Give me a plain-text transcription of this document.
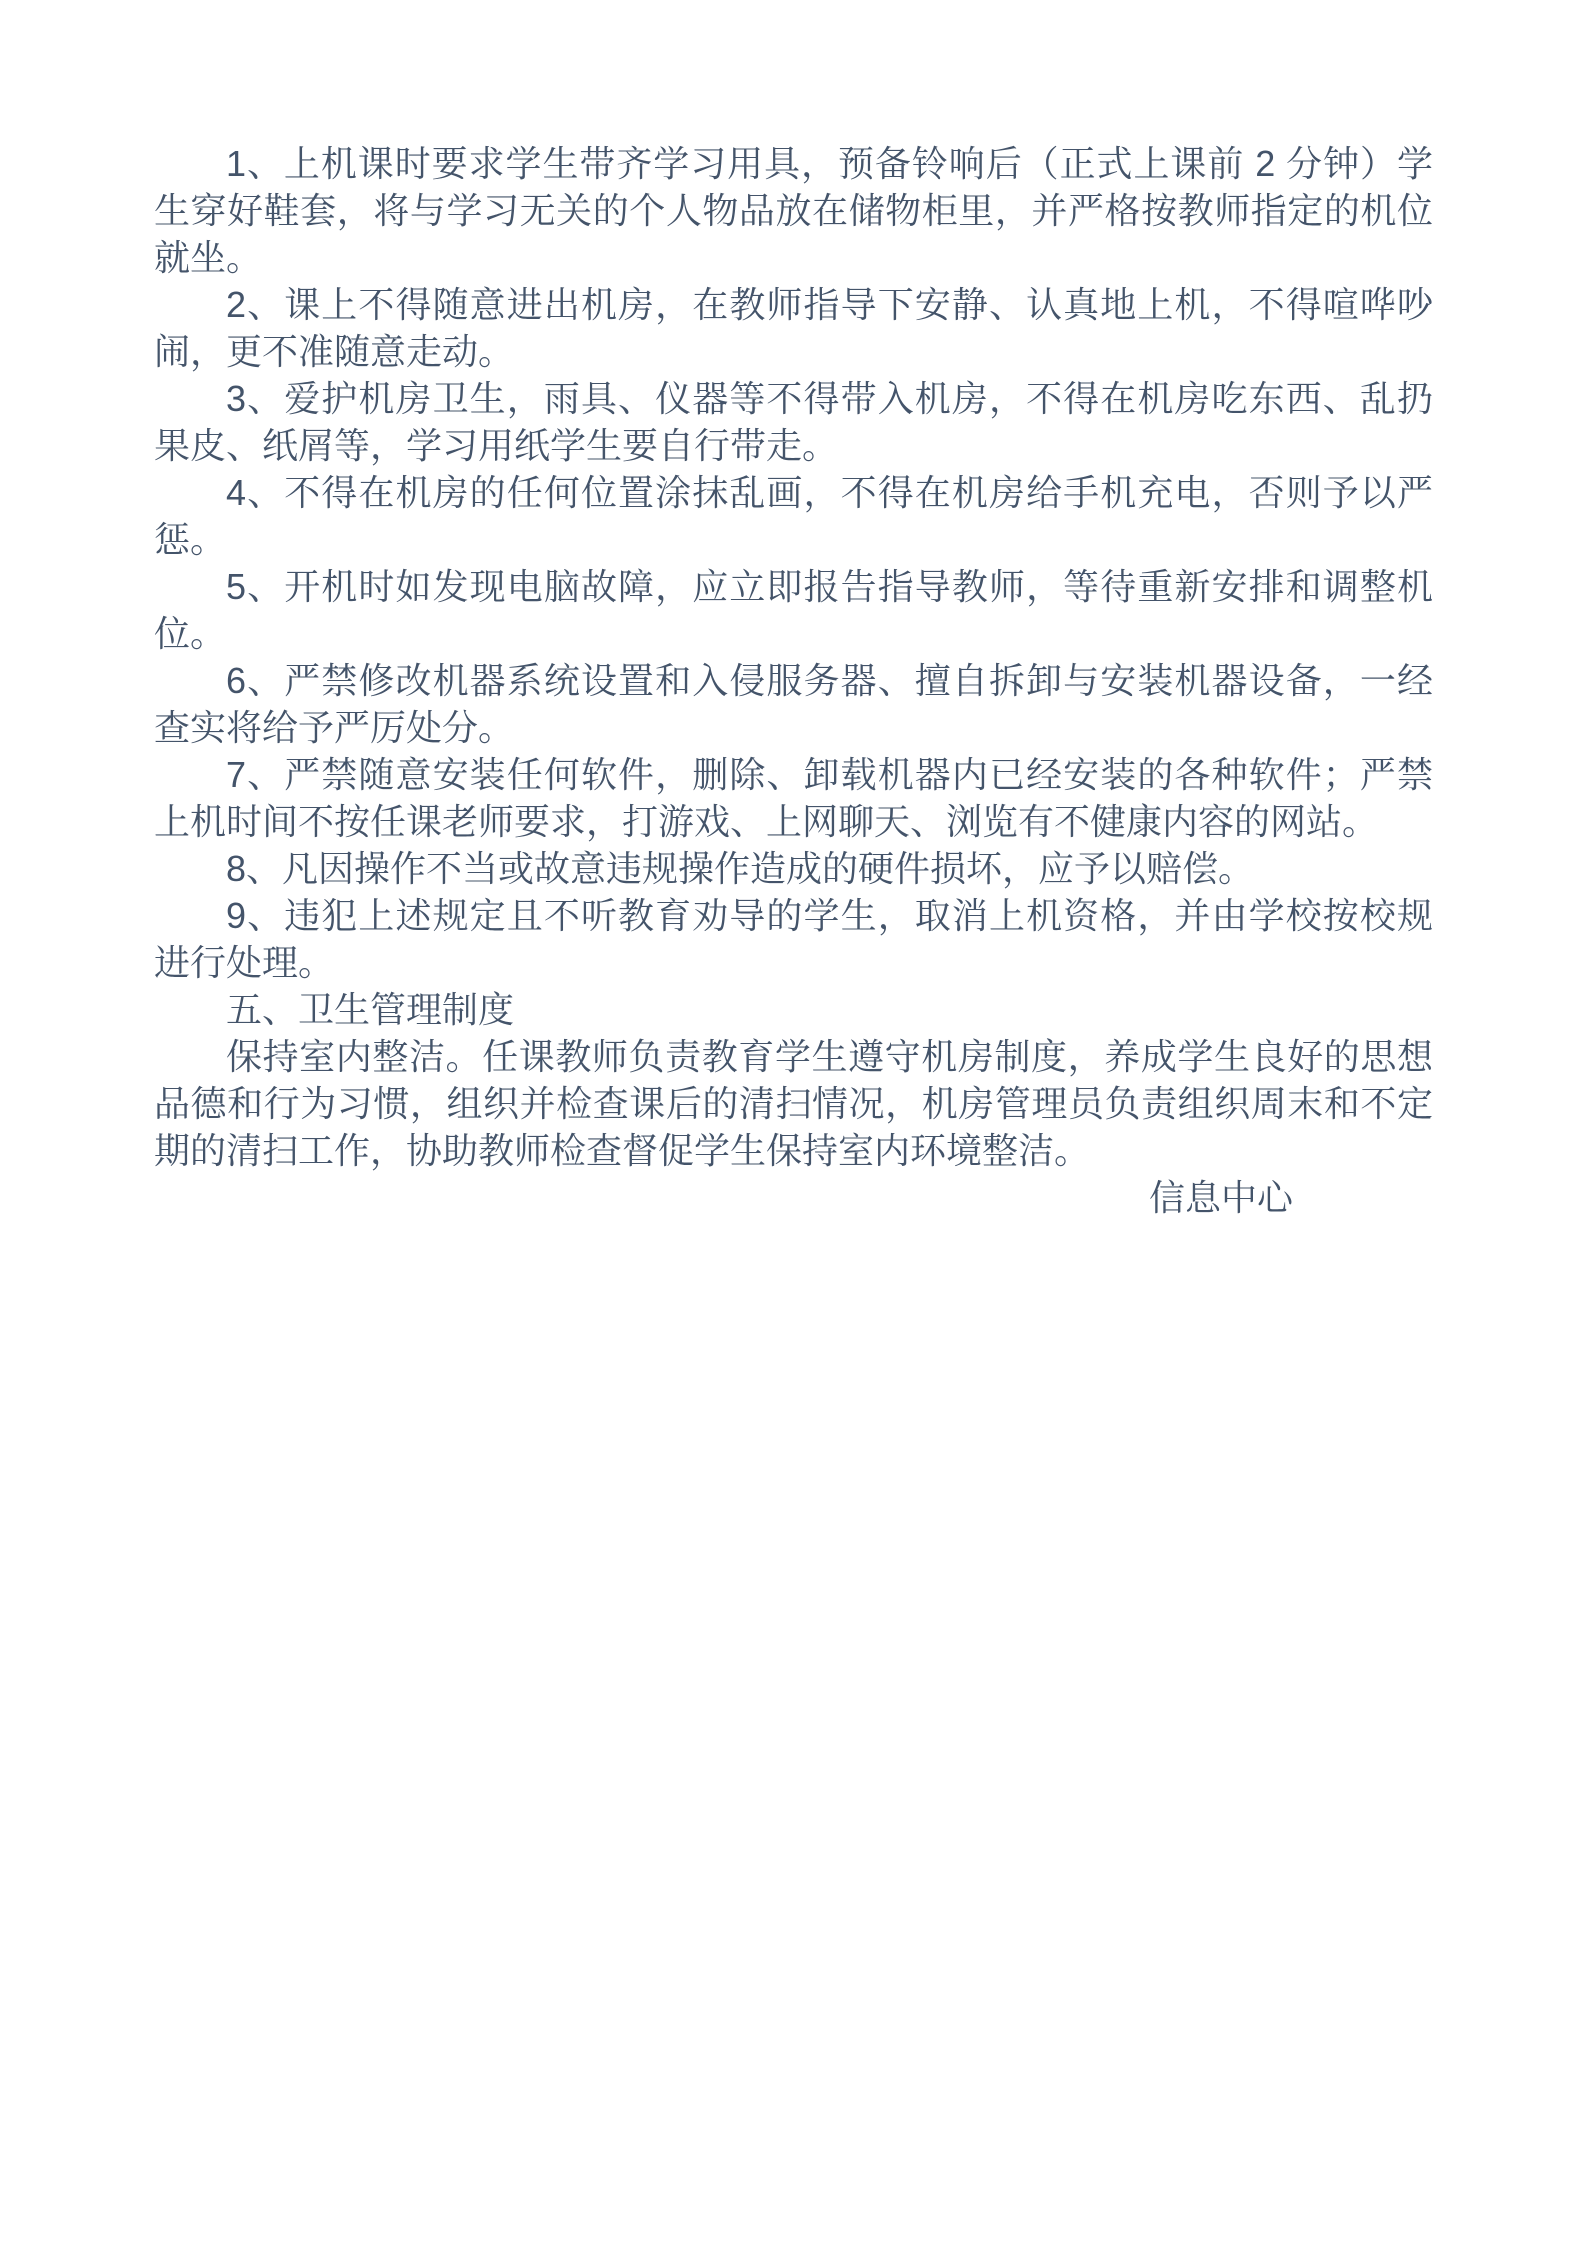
1、上机课时要求学生带齐学习用具，预备铃响后（正式上课前 2 分钟）学生穿好鞋套，将与学习无关的个人物品放在储物柜里，并严格按教师指定的机位就坐。

2、课上不得随意进出机房，在教师指导下安静、认真地上机，不得喧哗吵闹，更不准随意走动。

3、爱护机房卫生，雨具、仪器等不得带入机房，不得在机房吃东西、乱扔果皮、纸屑等，学习用纸学生要自行带走。

4、不得在机房的任何位置涂抹乱画，不得在机房给手机充电，否则予以严惩。

5、开机时如发现电脑故障，应立即报告指导教师，等待重新安排和调整机位。

6、严禁修改机器系统设置和入侵服务器、擅自拆卸与安装机器设备，一经查实将给予严厉处分。

7、严禁随意安装任何软件，删除、卸载机器内已经安装的各种软件；严禁上机时间不按任课老师要求，打游戏、上网聊天、浏览有不健康内容的网站。

8、凡因操作不当或故意违规操作造成的硬件损坏，应予以赔偿。

9、违犯上述规定且不听教育劝导的学生，取消上机资格，并由学校按校规进行处理。

五、卫生管理制度

保持室内整洁。任课教师负责教育学生遵守机房制度，养成学生良好的思想品德和行为习惯，组织并检查课后的清扫情况，机房管理员负责组织周末和不定期的清扫工作，协助教师检查督促学生保持室内环境整洁。

信息中心
